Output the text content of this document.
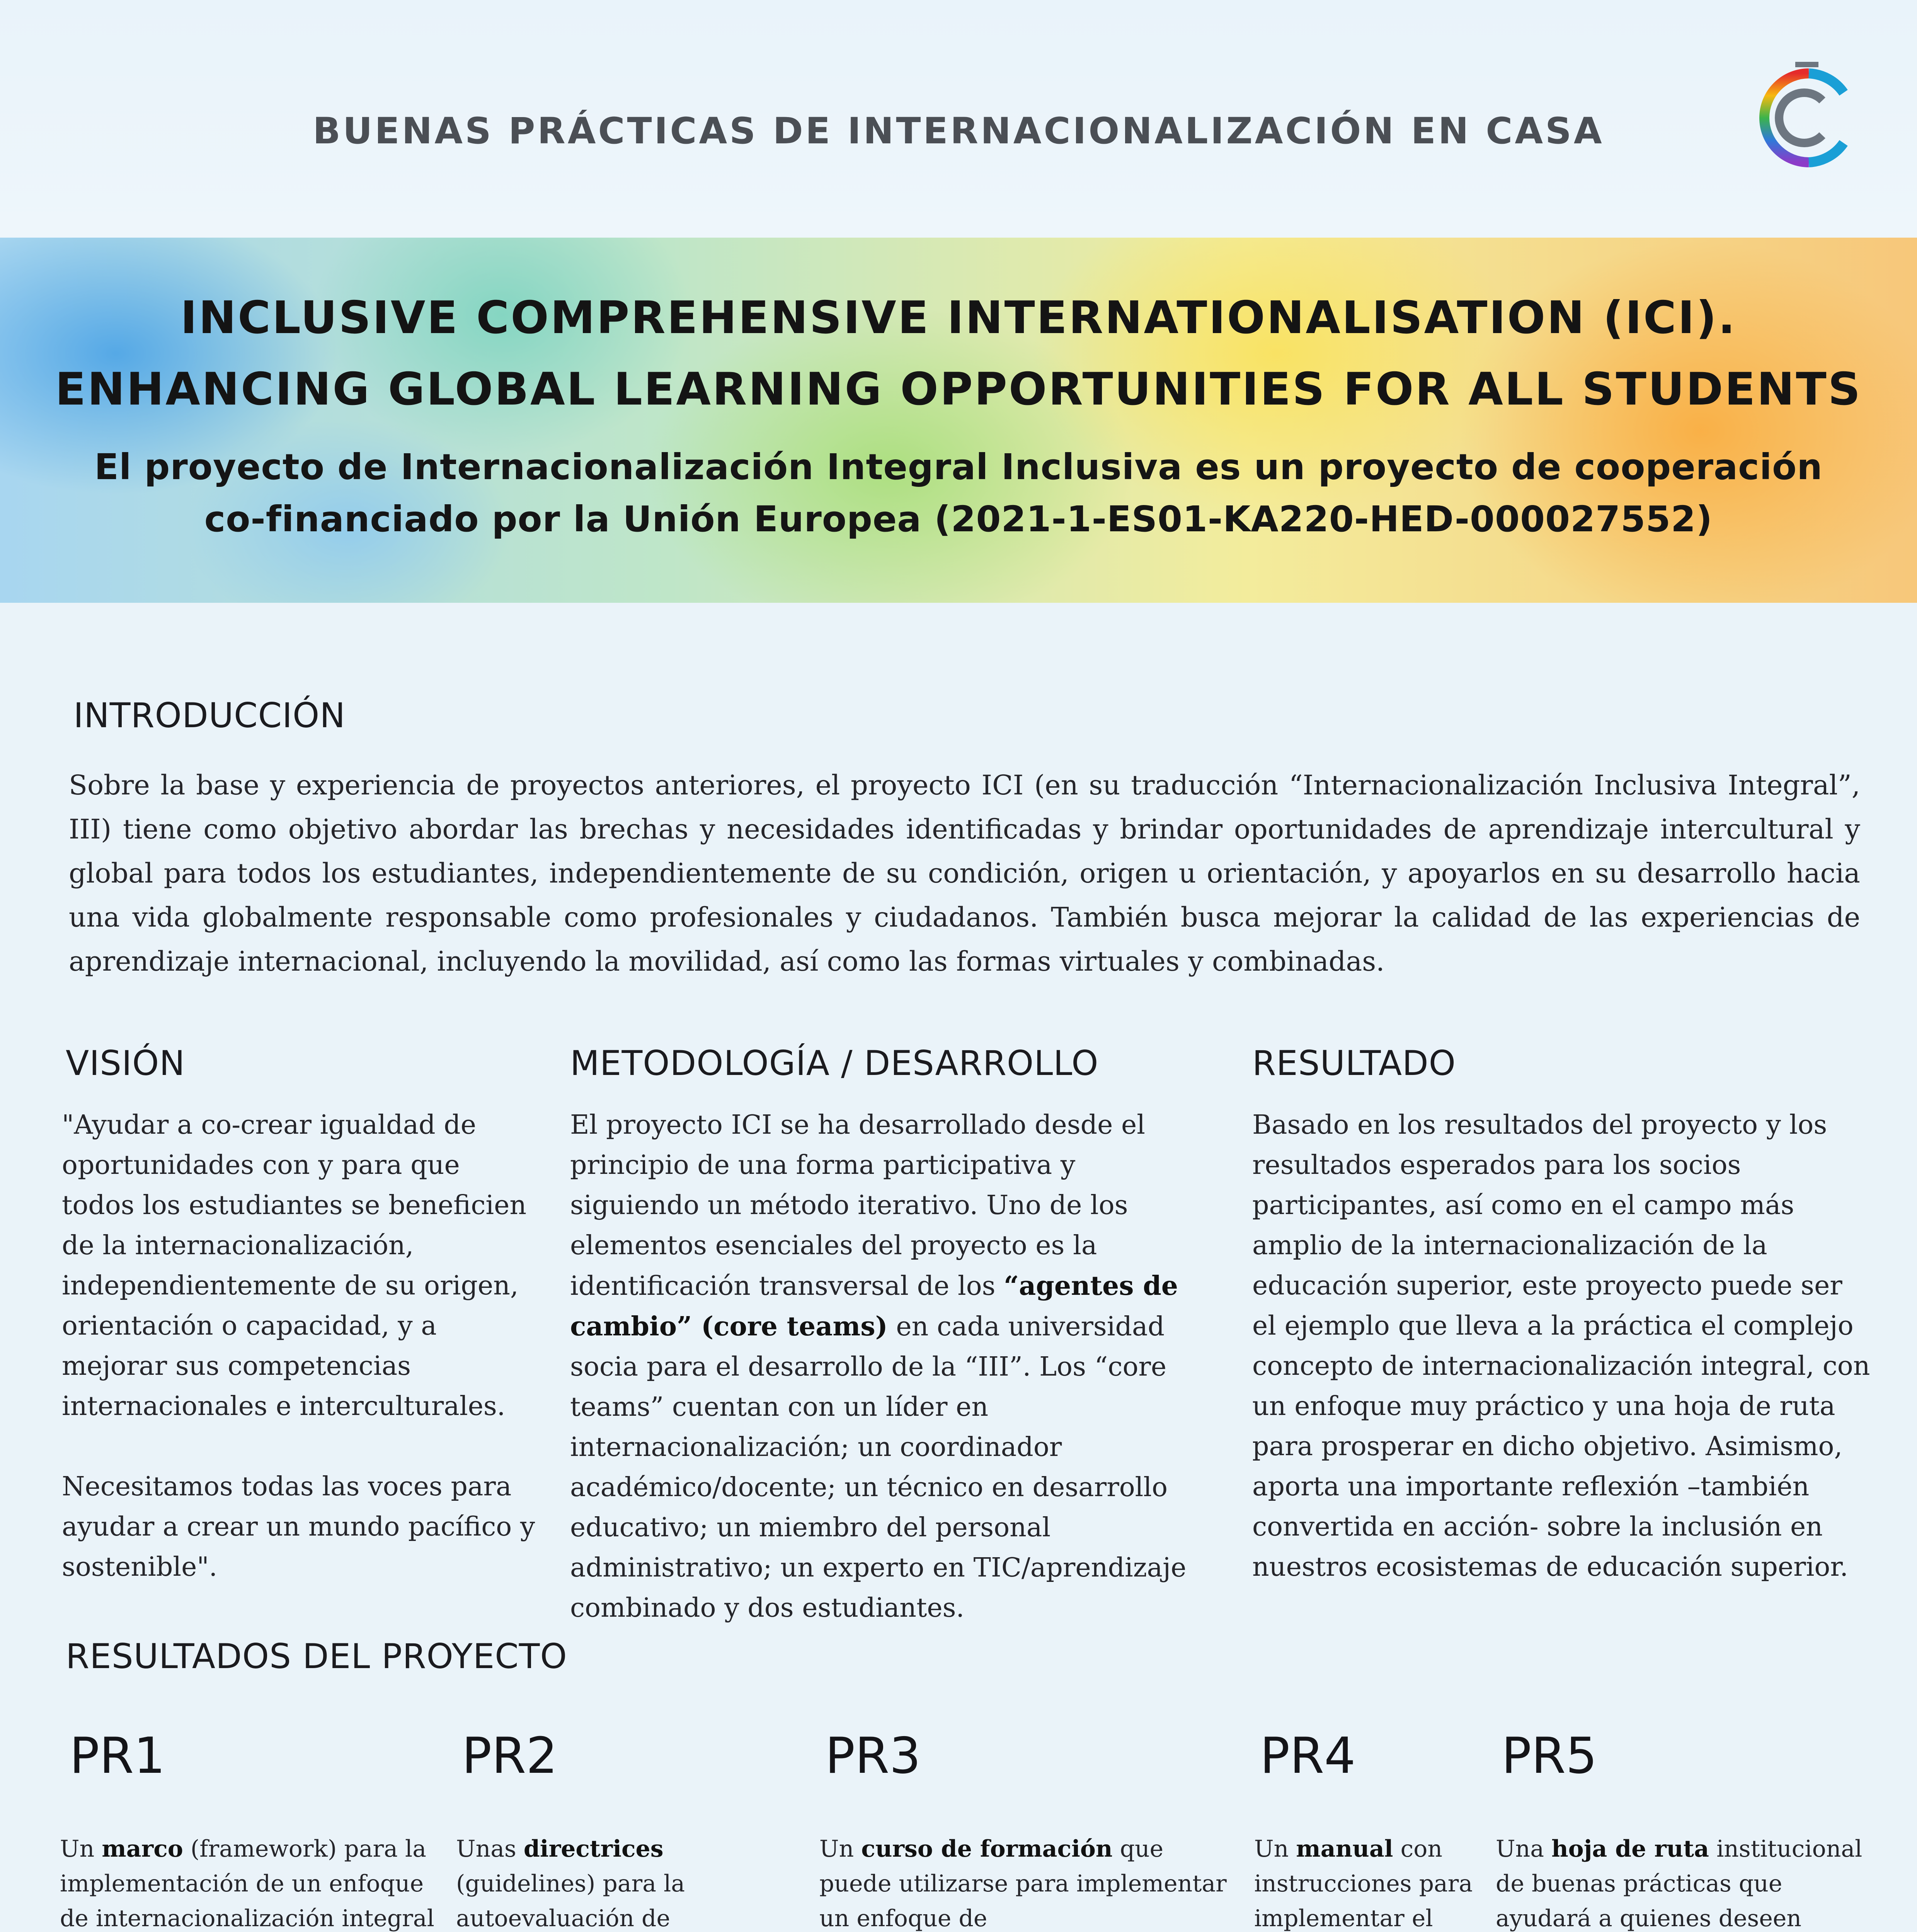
BUENAS PRÁCTICAS DE INTERNACIONALIZACIÓN EN CASA
INCLUSIVE COMPREHENSIVE INTERNATIONALISATION (ICI).
ENHANCING GLOBAL LEARNING OPPORTUNITIES FOR ALL STUDENTS
El proyecto de Internacionalización Integral Inclusiva es un proyecto de cooperación
co-financiado por la Unión Europea (2021-1-ES01-KA220-HED-000027552)
INTRODUCCIÓN
Sobre la base y experiencia de proyectos anteriores, el proyecto ICI (en su traducción “Internacionalización Inclusiva Integral”, III) tiene como objetivo abordar las brechas y necesidades identificadas y brindar oportunidades de aprendizaje intercultural y global para todos los estudiantes, independientemente de su condición, origen u orientación, y apoyarlos en su desarrollo hacia una vida globalmente responsable como profesionales y ciudadanos. También busca mejorar la calidad de las experiencias de aprendizaje internacional, incluyendo la movilidad, así como las formas virtuales y combinadas.
VISIÓN

"Ayudar a co-crear igualdad de oportunidades con y para que todos los estudiantes se beneficien de la internacionalización, independientemente de su origen, orientación o capacidad, y a mejorar sus competencias internacionales e interculturales.

Necesitamos todas las voces para ayudar a crear un mundo pacífico y sostenible".

METODOLOGÍA / DESARROLLO
El proyecto ICI se ha desarrollado desde el principio de una forma participativa y siguiendo un método iterativo. Uno de los elementos esenciales del proyecto es la identificación transversal de los “agentes de cambio” (core teams) en cada universidad socia para el desarrollo de la “III”. Los “core teams” cuentan con un líder en internacionalización; un coordinador académico/docente; un técnico en desarrollo educativo; un miembro del personal administrativo; un experto en TIC/aprendizaje combinado y dos estudiantes.
RESULTADO
Basado en los resultados del proyecto y los resultados esperados para los socios participantes, así como en el campo más amplio de la internacionalización de la educación superior, este proyecto puede ser el ejemplo que lleva a la práctica el complejo concepto de internacionalización integral, con un enfoque muy práctico y una hoja de ruta para prosperar en dicho objetivo. Asimismo, aporta una importante reflexión –también convertida en acción- sobre la inclusión en nuestros ecosistemas de educación superior.
RESULTADOS DEL PROYECTO
PR1
Un marco (framework) para la implementación de un enfoque de internacionalización integral
PR2
Unas directrices (guidelines) para la autoevaluación de
PR3
Un curso de formación que puede utilizarse para implementar un enfoque de
PR4
Un manual con instrucciones para implementar el
PR5
Una hoja de ruta institucional de buenas prácticas que ayudará a quienes deseen
